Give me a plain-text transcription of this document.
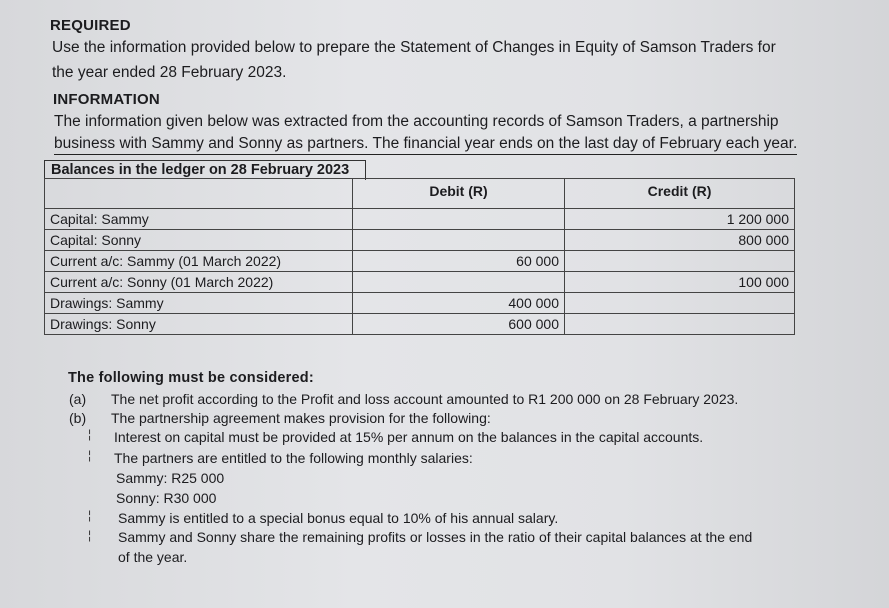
REQUIRED
Use the information provided below to prepare the Statement of Changes in Equity of Samson Traders for
the year ended 28 February 2023.
INFORMATION
The information given below was extracted from the accounting records of Samson Traders, a partnership
business with Sammy and Sonny as partners. The financial year ends on the last day of February each year.
Balances in the ledger on 28 February 2023
	Debit (R)	Credit (R)
Capital: Sammy		1 200 000
Capital: Sonny		800 000
Current a/c: Sammy (01 March 2022)	60 000	
Current a/c: Sonny (01 March 2022)		100 000
Drawings: Sammy	400 000	
Drawings: Sonny	600 000	
The following must be considered:
(a) The net profit according to the Profit and loss account amounted to R1 200 000 on 28 February 2023.
(b) The partnership agreement makes provision for the following:
¦ Interest on capital must be provided at 15% per annum on the balances in the capital accounts.
¦ The partners are entitled to the following monthly salaries:
Sammy: R25 000
Sonny: R30 000
¦ Sammy is entitled to a special bonus equal to 10% of his annual salary.
¦ Sammy and Sonny share the remaining profits or losses in the ratio of their capital balances at the end
of the year.
